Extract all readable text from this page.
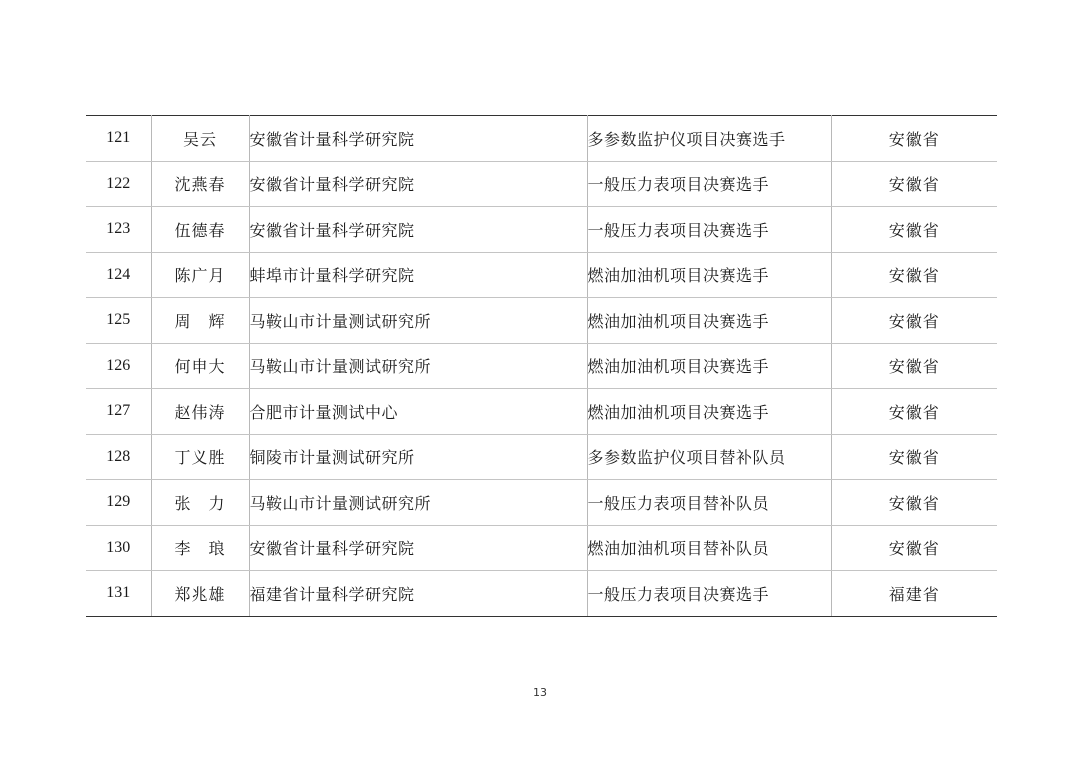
121	吴云	安徽省计量科学研究院	多参数监护仪项目决赛选手	安徽省
122	沈燕春	安徽省计量科学研究院	一般压力表项目决赛选手	安徽省
123	伍德春	安徽省计量科学研究院	一般压力表项目决赛选手	安徽省
124	陈广月	蚌埠市计量科学研究院	燃油加油机项目决赛选手	安徽省
125	周　辉	马鞍山市计量测试研究所	燃油加油机项目决赛选手	安徽省
126	何申大	马鞍山市计量测试研究所	燃油加油机项目决赛选手	安徽省
127	赵伟涛	合肥市计量测试中心	燃油加油机项目决赛选手	安徽省
128	丁义胜	铜陵市计量测试研究所	多参数监护仪项目替补队员	安徽省
129	张　力	马鞍山市计量测试研究所	一般压力表项目替补队员	安徽省
130	李　琅	安徽省计量科学研究院	燃油加油机项目替补队员	安徽省
131	郑兆雄	福建省计量科学研究院	一般压力表项目决赛选手	福建省
13
